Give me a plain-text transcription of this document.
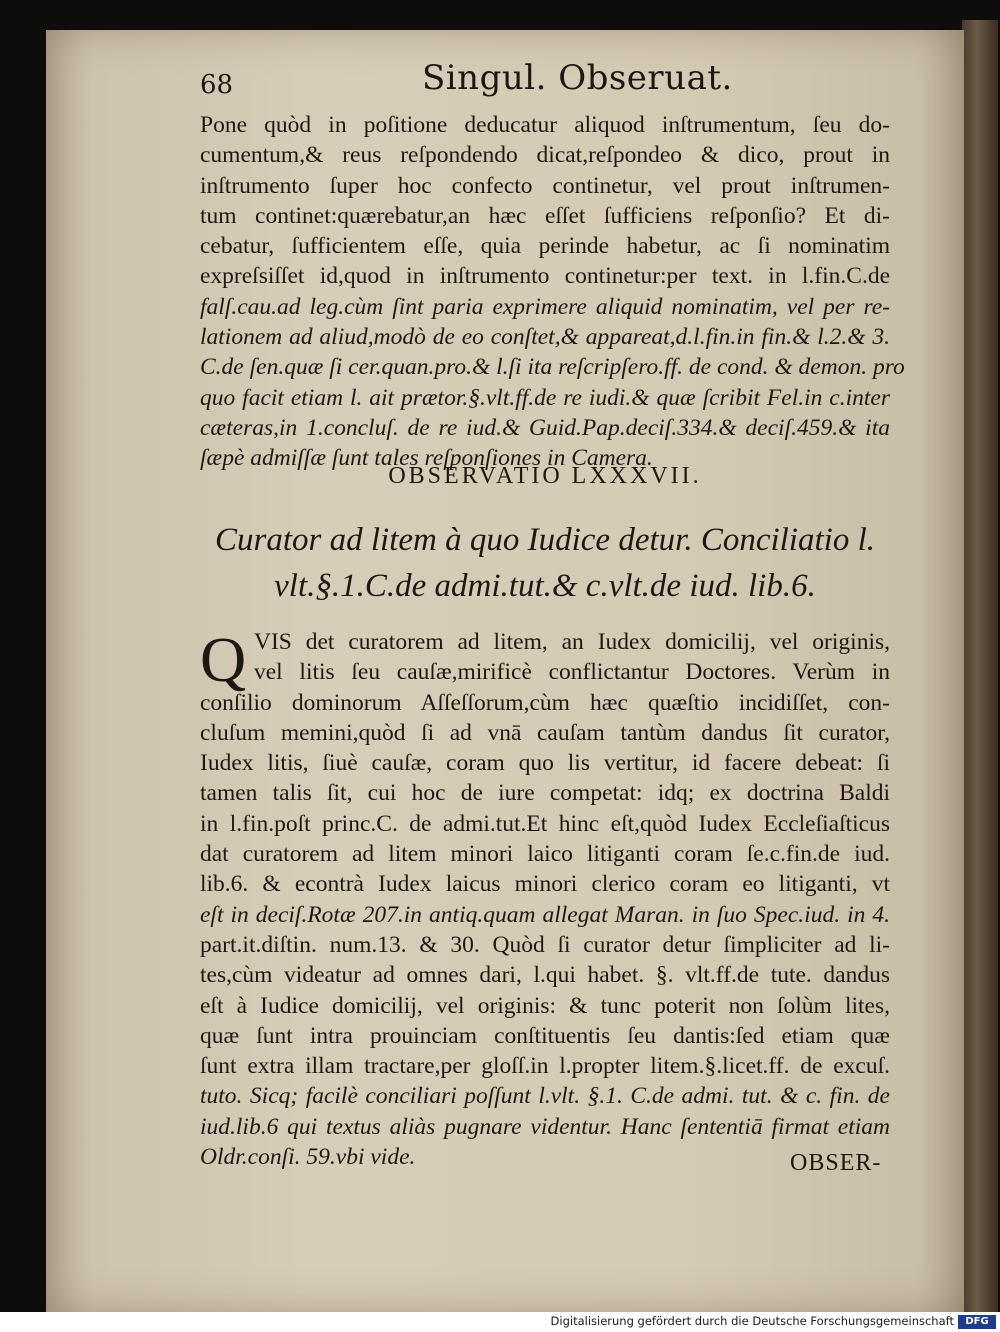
68	Singul. Obseruat.
Pone quòd in poſitione deducatur aliquod inſtrumentum, ſeu do-
cumentum,& reus reſpondendo dicat,reſpondeo & dico, prout in
inſtrumento ſuper hoc confecto continetur, vel prout inſtrumen-
tum continet:quærebatur,an hæc eſſet ſufficiens reſponſio? Et di-
cebatur, ſufficientem eſſe, quia perinde habetur, ac ſi nominatim
expreſsiſſet id,quod in inſtrumento continetur:per text. in l.fin.C.de
falſ.cau.ad leg.cùm ſint paria exprimere aliquid nominatim, vel per re-
lationem ad aliud,modò de eo conſtet,& appareat,d.l.fin.in fin.& l.2.& 3.
C.de ſen.quæ ſi cer.quan.pro.& l.ſi ita reſcripſero.ff. de cond. & demon. pro
quo facit etiam l. ait prætor.§.vlt.ff.de re iudi.& quæ ſcribit Fel.in c.inter
cæteras,in 1.concluſ. de re iud.& Guid.Pap.deciſ.334.& deciſ.459.& ita
ſæpè admiſſæ ſunt tales reſponſiones in Camera.
OBSERVATIO LXXXVII.
Curator ad litem à quo Iudice detur. Conciliatio l.
vlt.§.1.C.de admi.tut.& c.vlt.de iud. lib.6.
Q VIS det curatorem ad litem, an Iudex domicilij, vel originis,
vel litis ſeu cauſæ,mirificè conflictantur Doctores. Verùm in
conſilio dominorum Aſſeſſorum,cùm hæc quæſtio incidiſſet, con-
cluſum memini,quòd ſi ad vnā cauſam tantùm dandus ſit curator,
Iudex litis, ſiuè cauſæ, coram quo lis vertitur, id facere debeat: ſi
tamen talis ſit, cui hoc de iure competat: idq; ex doctrina Baldi
in l.fin.poſt princ.C. de admi.tut.Et hinc eſt,quòd Iudex Eccleſiaſticus
dat curatorem ad litem minori laico litiganti coram ſe.c.fin.de iud.
lib.6. & econtrà Iudex laicus minori clerico coram eo litiganti, vt
eſt in deciſ.Rotæ 207.in antiq.quam allegat Maran. in ſuo Spec.iud. in 4.
part.it.diſtin. num.13. & 30. Quòd ſi curator detur ſimpliciter ad li-
tes,cùm videatur ad omnes dari, l.qui habet. §. vlt.ff.de tute. dandus
eſt à Iudice domicilij, vel originis: & tunc poterit non ſolùm lites,
quæ ſunt intra prouinciam conſtituentis ſeu dantis:ſed etiam quæ
ſunt extra illam tractare,per gloſſ.in l.propter litem.§.licet.ff. de excuſ.
tuto. Sicq; facilè conciliari poſſunt l.vlt. §.1. C.de admi. tut. & c. fin. de
iud.lib.6 qui textus aliàs pugnare videntur. Hanc ſententiā firmat etiam
Oldr.conſi. 59.vbi vide.	OBSER-
Digitalisierung gefördert durch die Deutsche Forschungsgemeinschaft	DFG
